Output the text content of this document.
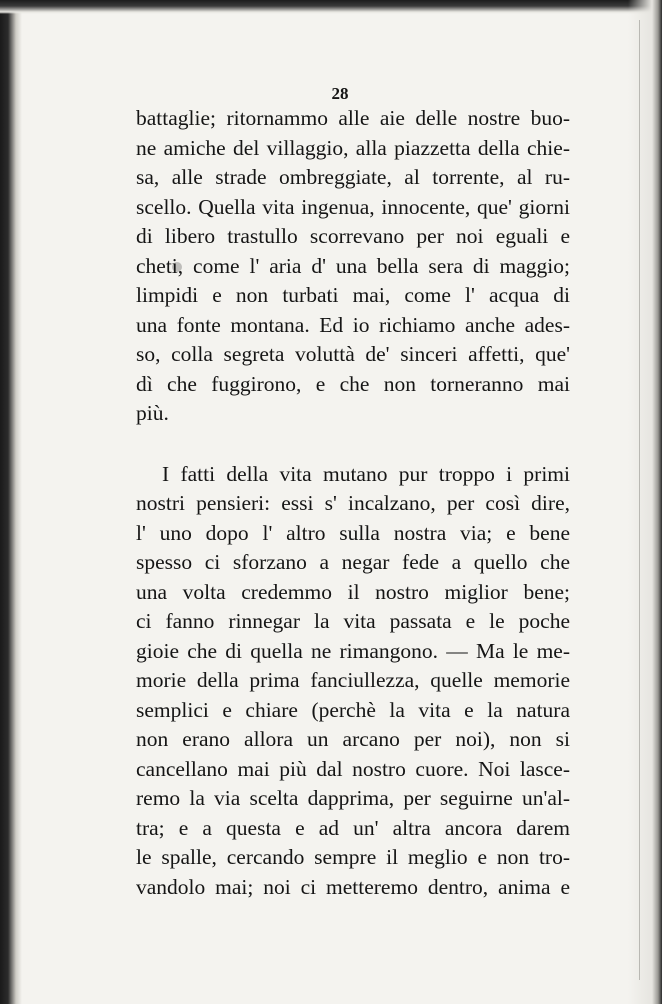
28
battaglie; ritornammo alle aie delle nostre buo-
ne amiche del villaggio, alla piazzetta della chie-
sa, alle strade ombreggiate, al torrente, al ru-
scello. Quella vita ingenua, innocente, que' giorni
di libero trastullo scorrevano per noi eguali e
cheti, come l' aria d' una bella sera di maggio;
limpidi e non turbati mai, come l' acqua di
una fonte montana. Ed io richiamo anche ades-
so, colla segreta voluttà de' sinceri affetti, que'
dì che fuggirono, e che non torneranno mai
più.
I fatti della vita mutano pur troppo i primi
nostri pensieri: essi s' incalzano, per così dire,
l' uno dopo l' altro sulla nostra via; e bene
spesso ci sforzano a negar fede a quello che
una volta credemmo il nostro miglior bene;
ci fanno rinnegar la vita passata e le poche
gioie che di quella ne rimangono. — Ma le me-
morie della prima fanciullezza, quelle memorie
semplici e chiare (perchè la vita e la natura
non erano allora un arcano per noi), non si
cancellano mai più dal nostro cuore. Noi lasce-
remo la via scelta dapprima, per seguirne un'al-
tra; e a questa e ad un' altra ancora darem
le spalle, cercando sempre il meglio e non tro-
vandolo mai; noi ci metteremo dentro, anima e
